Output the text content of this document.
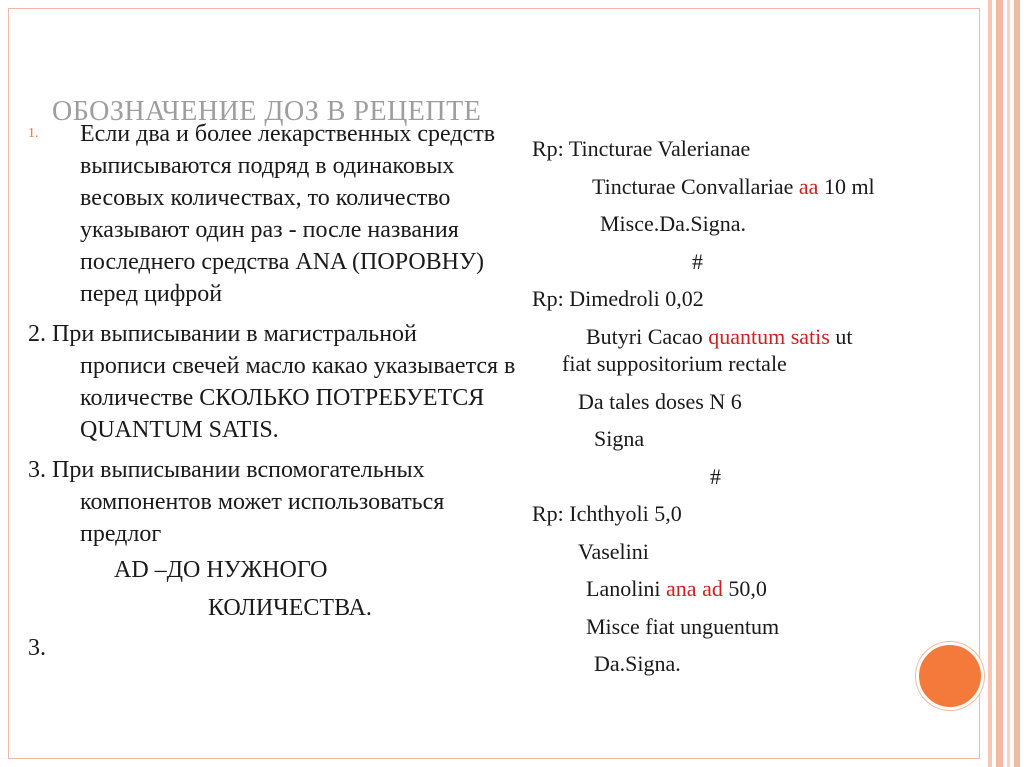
ОБОЗНАЧЕНИЕ ДОЗ В РЕЦЕПТЕ
1. Если два и более лекарственных средств выписываются подряд в одинаковых весовых количествах, то количество указывают один раз - после названия последнего средства ANA (ПОРОВНУ) перед цифрой
2. При выписывании в магистральной
прописи свечей масло какао указывается в количестве СКОЛЬКО ПОТРЕБУЕТСЯ QUANTUM SATIS.
3. При выписывании вспомогательных
компонентов может использоваться предлог
AD –ДО НУЖНОГО
КОЛИЧЕСТВА.
3.
Rp: Tincturae Valerianae
Tincturae Convallariae aa 10 ml
Misce.Da.Signa.
#
Rp: Dimedroli 0,02
Butyri Cacao quantum satis ut
fiat suppositorium rectale
Da tales doses N 6
Signa
#
Rp: Ichthyoli 5,0
Vaselini
Lanolini ana ad 50,0
Misce fiat unguentum
Da.Signa.
